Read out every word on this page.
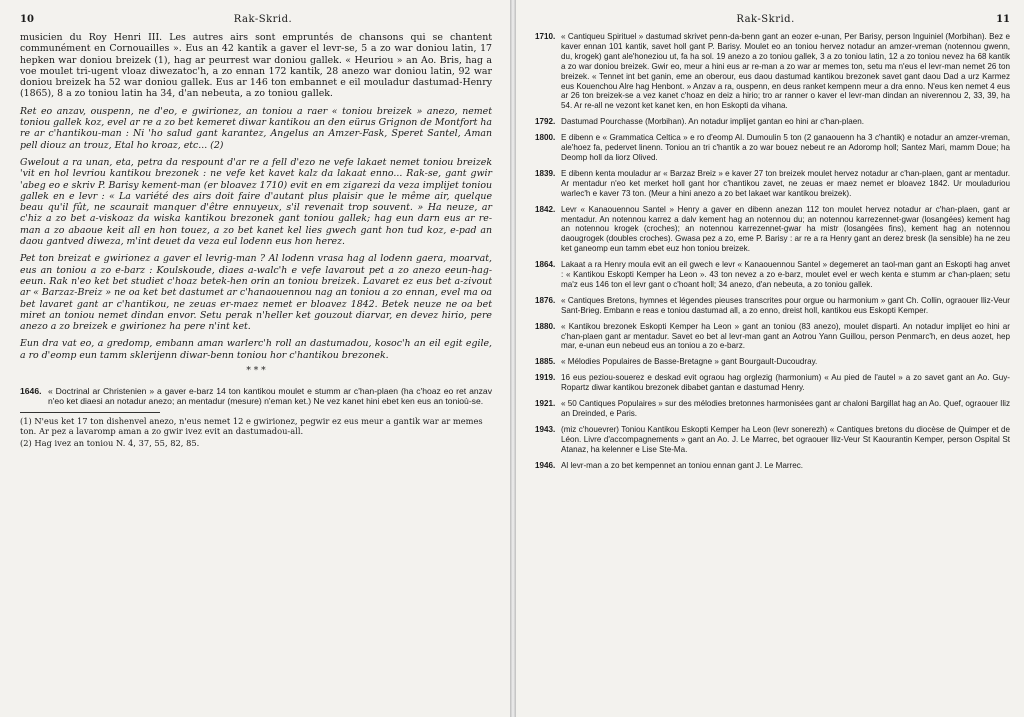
10	Rak-Skrid.

musicien du Roy Henri III. Les autres airs sont empruntés de chansons qui se chantent communément en Cornouailles ». Eus an 42 kantik a gaver el levr-se, 5 a zo war doniou latin, 17 hepken war doniou breizek (1), hag ar peurrest war doniou gallek. « Heuriou » an Ao. Bris, hag a voe moulet tri-ugent vloaz diwezatoc'h, a zo ennan 172 kantik, 28 anezo war doniou latin, 92 war doniou breizek ha 52 war doniou gallek. Eus ar 146 ton embannet e eil mouladur dastumad-Henry (1865), 8 a zo toniou latin ha 34, d'an nebeuta, a zo toniou gallek.

Ret eo anzav, ouspenn, ne d'eo, e gwirionez, an toniou a raer « toniou breizek » anezo, nemet toniou gallek koz, evel ar re a zo bet kemeret diwar kantikou an den eürus Grignon de Montfort ha re ar c'hantikou-man : Ni 'ho salud gant karantez, Angelus an Amzer-Fask, Speret Santel, Aman pell diouz an trouz, Etal ho kroaz, etc... (2)

Gwelout a ra unan, eta, petra da respount d'ar re a fell d'ezo ne vefe lakaet nemet toniou breizek 'vit en hol levriou kantikou brezonek : ne vefe ket kavet kalz da lakaat enno... Rak-se, gant gwir 'abeg eo e skriv P. Barisy kement-man (er bloavez 1710) evit en em zigarezi da veza implijet toniou gallek en e levr : « La variété des airs doit faire d'autant plus plaisir que le même air, quelque beau qu'il fût, ne scaurait manquer d'être ennuyeux, s'il revenait trop souvent. » Ha neuze, ar c'hiz a zo bet a-viskoaz da wiska kantikou brezonek gant toniou gallek; hag eun darn eus ar re-man a zo abaoue keit all en hon touez, a zo bet kanet kel lies gwech gant hon tud koz, e-pad an daou gantved diweza, m'int deuet da veza eul lodenn eus hon herez.

Pet ton breizat e gwirionez a gaver el levrig-man ? Al lodenn vrasa hag al lodenn gaera, moarvat, eus an toniou a zo e-barz : Koulskoude, diaes a-walc'h e vefe lavarout pet a zo anezo eeun-hag-eeun. Rak n'eo ket bet studiet c'hoaz betek-hen orin an toniou breizek. Lavaret ez eus bet a-zivout ar « Barzaz-Breiz » ne oa ket bet dastumet ar c'hanaouennou nag an toniou a zo ennan, evel ma oa bet lavaret gant ar c'hantikou, ne zeuas er-maez nemet er bloavez 1842. Betek neuze ne oa bet miret an toniou nemet dindan envor. Setu perak n'heller ket gouzout diarvar, en devez hirio, pere anezo a zo breizek e gwirionez ha pere n'int ket.

Eun dra vat eo, a gredomp, embann aman warlerc'h roll an dastumadou, kosoc'h an eil egit egile, a ro d'eomp eun tamm sklerijenn diwar-benn toniou hor c'hantikou brezonek.

* * *
1646. « Doctrinal ar Christenien » a gaver e-barz 14 ton kantikou moulet e stumm ar c'han-plaen (ha c'hoaz eo ret anzav n'eo ket diaesi an notadur anezo; an mentadur (mesure) n'eman ket.) Ne vez kanet hini ebet ken eus an tonioù-se.

(1) N'eus ket 17 ton dishenvel anezo, n'eus nemet 12 e gwirionez, pegwir ez eus meur a gantik war ar memes ton. Ar pez a lavaromp aman a zo gwir ivez evit an dastumadou-all.

(2) Hag ivez an toniou N. 4, 37, 55, 82, 85.

Rak-Skrid.	11
1710. « Cantiqueu Spirituel » dastumad skrivet penn-da-benn gant an eozer e-unan, Per Barisy, person Inguiniel (Morbihan). Bez e kaver ennan 101 kantik, savet holl gant P. Barisy. Moulet eo an toniou hervez notadur an amzer-vreman (notennou gwenn, du, krogek) gant ale'honeziou ut, fa ha sol. 19 anezo a zo toniou gallek, 3 a zo toniou latin, 12 a zo toniou nevez ha 68 kantik a zo war doniou breizek. Gwir eo, meur a hini eus ar re-man a zo war ar memes ton, setu ma n'eus el levr-man nemet 26 ton breizek. « Tennet int bet ganin, eme an oberour, eus daou dastumad kantikou brezonek savet gant daou Dad a urz Karmez eus Kouenchou Alre hag Henbont. » Anzav a ra, ouspenn, en deus ranket kempenn meur a dra enno. N'eus ken nemet 4 eus ar 26 ton breizek-se a vez kanet c'hoaz en deiz a hirio; tro ar ranner o kaver el levr-man dindan an niverennou 2, 33, 39, ha 54. Ar re-all ne vezont ket kanet ken, en hon Eskopti da vihana.
1792. Dastumad Pourchasse (Morbihan). An notadur implijet gantan eo hini ar c'han-plaen.
1800. E dibenn e « Grammatica Celtica » e ro d'eomp Al. Dumoulin 5 ton (2 ganaouenn ha 3 c'hantik) e notadur an amzer-vreman, ale'hoez fa, pedervet linenn. Toniou an tri c'hantik a zo war bouez nebeut re an Adoromp holl; Santez Mari, mamm Doue; ha Deomp holl da liorz Olived.
1839. E dibenn kenta mouladur ar « Barzaz Breiz » e kaver 27 ton breizek moulet hervez notadur ar c'han-plaen, gant ar mentadur. Ar mentadur n'eo ket merket holl gant hor c'hantikou zavet, ne zeuas er maez nemet er bloavez 1842. Ur mouladuriou warlec'h e kaver 73 ton. (Meur a hini anezo a zo bet lakaet war kantikou breizek).
1842. Levr « Kanaouennou Santel » Henry a gaver en dibenn anezan 112 ton moulet hervez notadur ar c'han-plaen, gant ar mentadur. An notennou karrez a dalv kement hag an notennou du; an notennou karrezennet-gwar (losangées) kement hag an notennou krogek (croches); an notennou karrezennet-gwar ha mistr (losangées fins), kement hag an notennou daougrogek (doubles croches). Gwasa pez a zo, eme P. Barisy : ar re a ra Henry gant an derez bresk (la sensible) ha ne zeu ket ganeomp eun tamm ebet euz hon toniou breizek.
1864. Lakaat a ra Henry moula evit an eil gwech e levr « Kanaouennou Santel » degemeret an taol-man gant an Eskopti hag anvet : « Kantikou Eskopti Kemper ha Leon ». 43 ton nevez a zo e-barz, moulet evel er wech kenta e stumm ar c'han-plaen; setu ma'z eus 146 ton el levr gant o c'hoant holl; 34 anezo, d'an nebeuta, a zo toniou gallek.
1876. « Cantiques Bretons, hymnes et légendes pieuses transcrites pour orgue ou harmonium » gant Ch. Collin, ograouer Iliz-Veur Sant-Brieg. Embann e reas e toniou dastumad all, a zo enno, dreist holl, kantikou eus Eskopti Kemper.
1880. « Kantikou brezonek Eskopti Kemper ha Leon » gant an toniou (83 anezo), moulet disparti. An notadur implijet eo hini ar c'han-plaen gant ar mentadur. Savet eo bet al levr-man gant an Aotrou Yann Guillou, person Penmarc'h, en deus aozet, hep mar, e-unan eun nebeud eus an toniou a zo e-barz.
1885. « Mélodies Populaires de Basse-Bretagne » gant Bourgault-Ducoudray.
1919. 16 eus peziou-souerez e deskad evit ograou hag orglezig (harmonium) « Au pied de l'autel » a zo savet gant an Ao. Guy-Ropartz diwar kantikou brezonek dibabet gantan e dastumad Henry.
1921. « 50 Cantiques Populaires » sur des mélodies bretonnes harmonisées gant ar chaloni Bargillat hag an Ao. Quef, ograouer Iliz an Dreinded, e Paris.
1943. (miz c'houevrer) Toniou Kantikou Eskopti Kemper ha Leon (levr sonerezh) « Cantiques bretons du diocèse de Quimper et de Léon. Livre d'accompagnements » gant an Ao. J. Le Marrec, bet ograouer Iliz-Veur St Kaourantin Kemper, person Ospital St Atanaz, ha kelenner e Lise Ste-Ma.
1946. Al levr-man a zo bet kempennet an toniou ennan gant J. Le Marrec.
